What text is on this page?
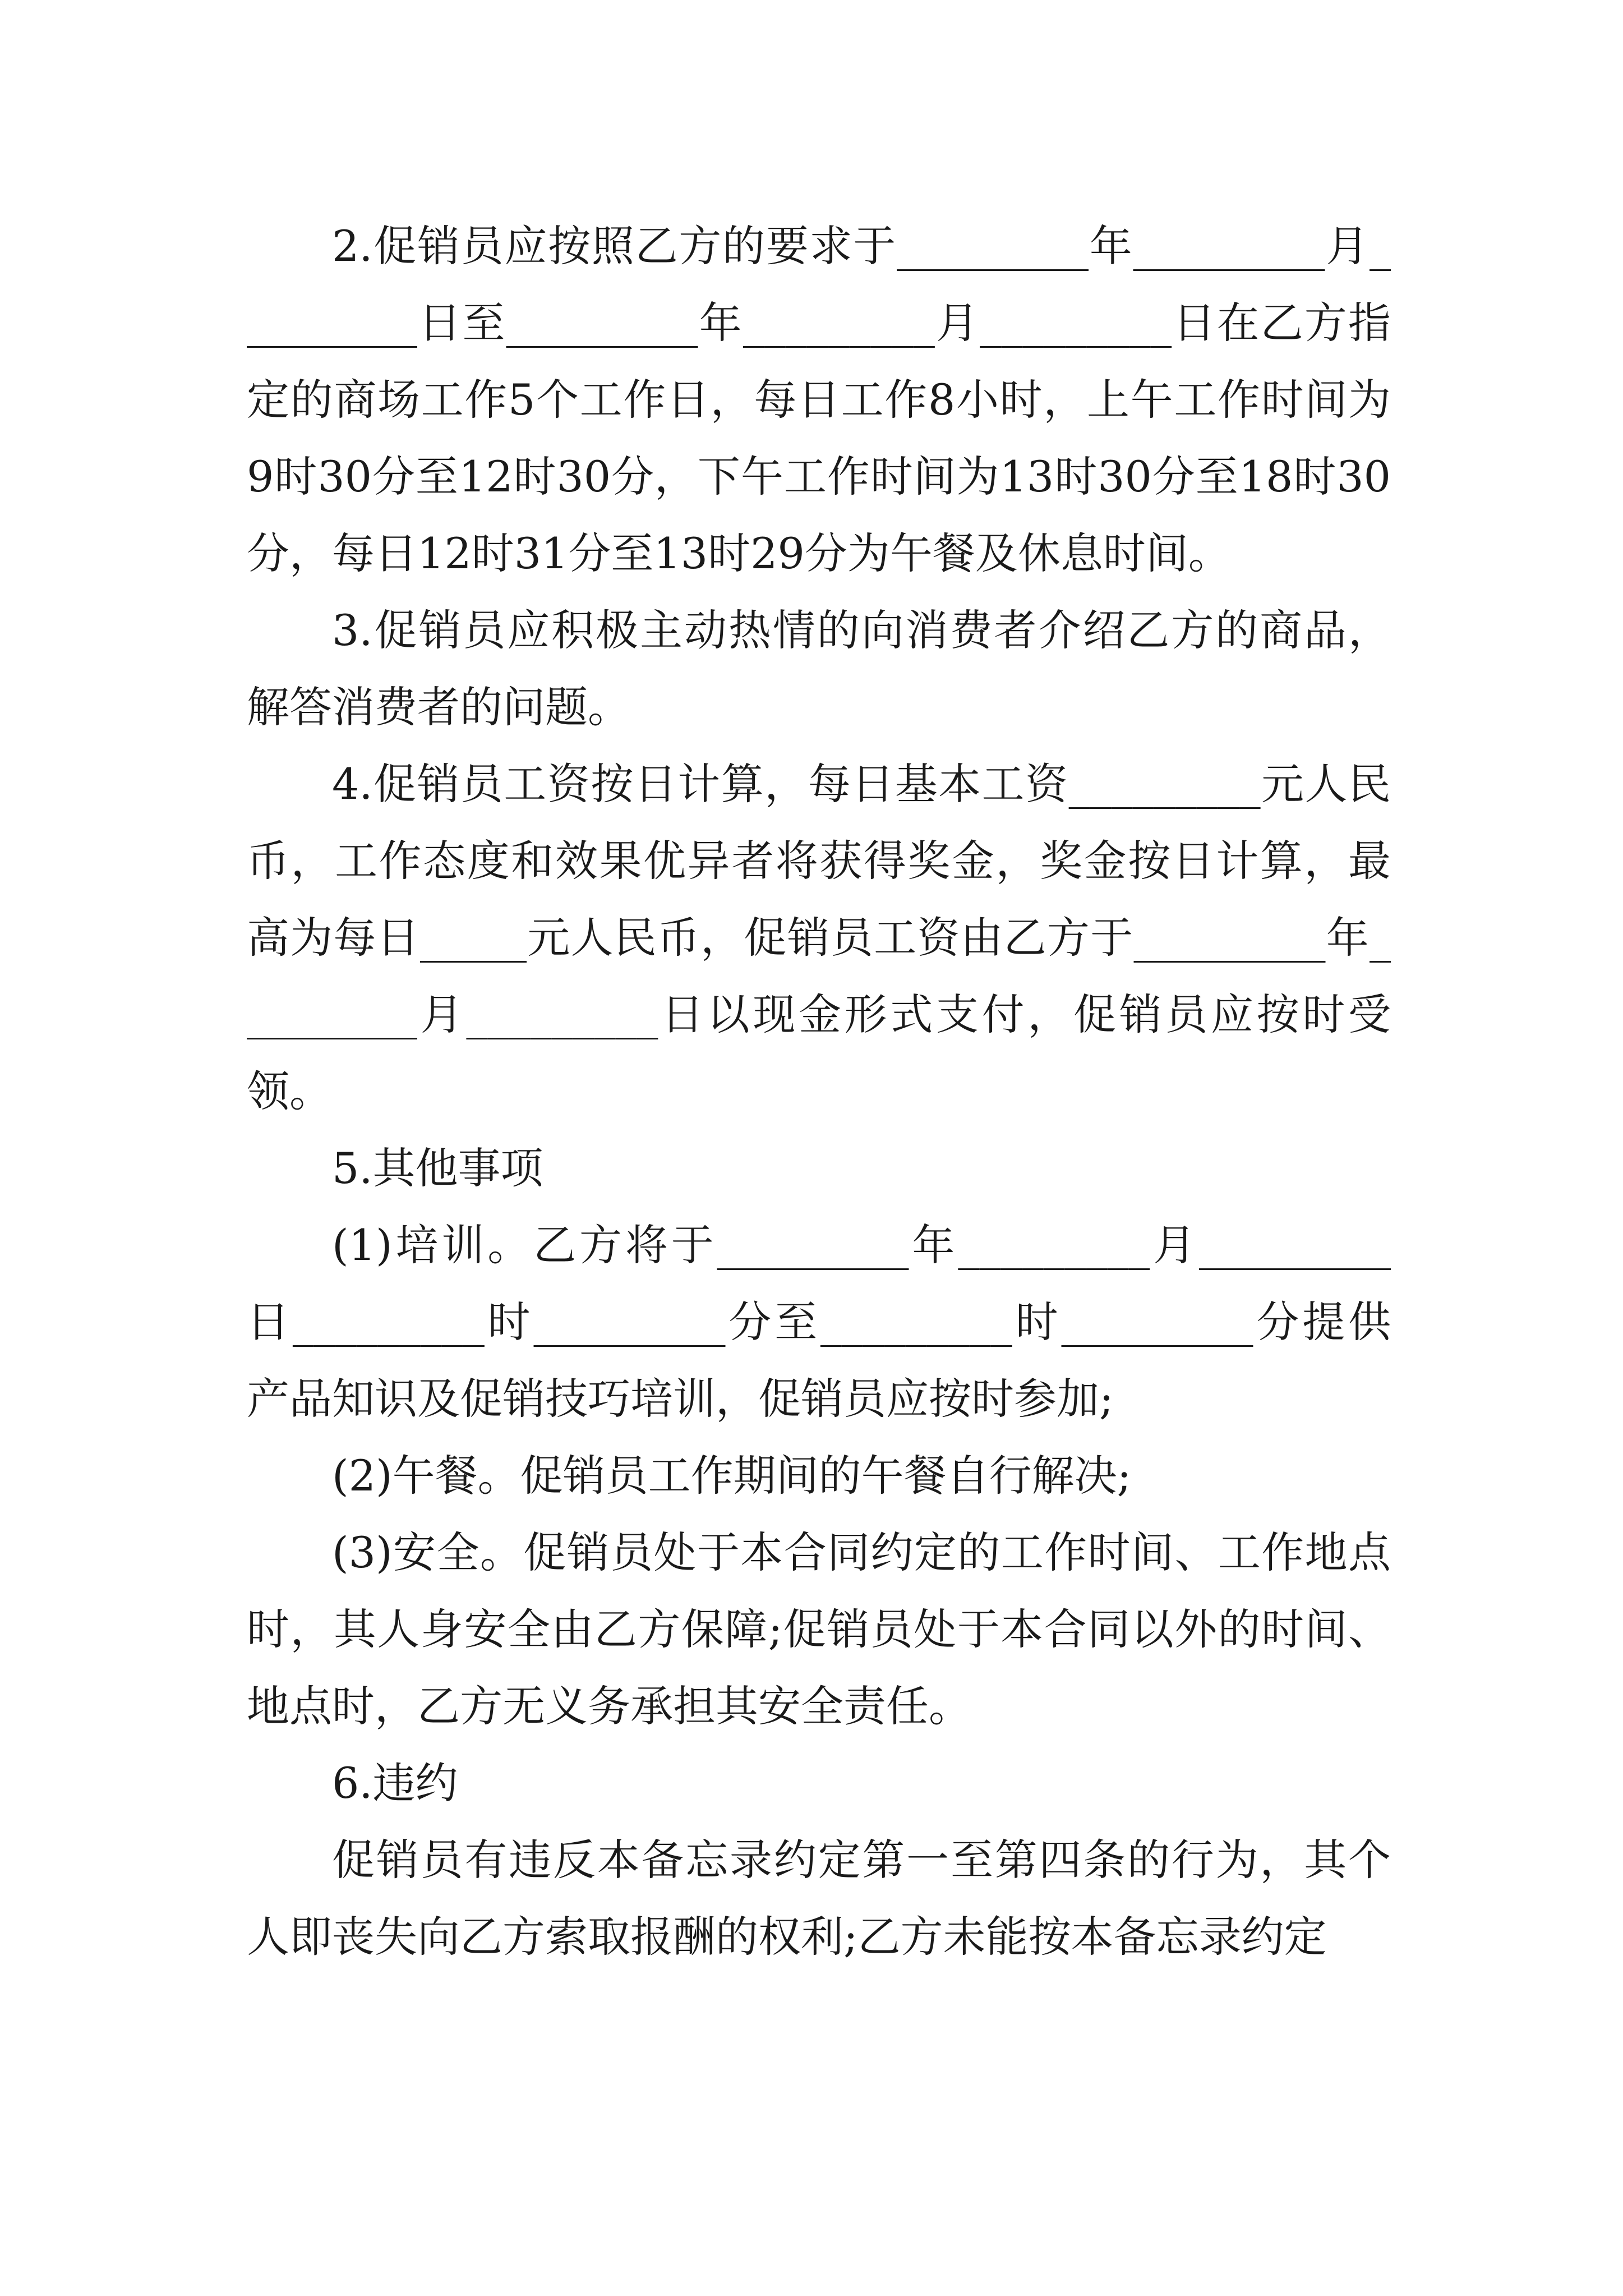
2.促销员应按照乙方的要求于_________年_________月_________日至_________年_________月_________日在乙方指定的商场工作5个工作日，每日工作8小时，上午工作时间为9时30分至12时30分，下午工作时间为13时30分至18时30分，每日12时31分至13时29分为午餐及休息时间。

3.促销员应积极主动热情的向消费者介绍乙方的商品，解答消费者的问题。

4.促销员工资按日计算，每日基本工资_________元人民币，工作态度和效果优异者将获得奖金，奖金按日计算，最高为每日_____元人民币，促销员工资由乙方于_________年_________月_________日以现金形式支付，促销员应按时受领。

5.其他事项

(1)培训。乙方将于_________年_________月_________日_________时_________分至_________时_________分提供产品知识及促销技巧培训，促销员应按时参加;

(2)午餐。促销员工作期间的午餐自行解决;

(3)安全。促销员处于本合同约定的工作时间、工作地点时，其人身安全由乙方保障;促销员处于本合同以外的时间、地点时，乙方无义务承担其安全责任。

6.违约

促销员有违反本备忘录约定第一至第四条的行为，其个人即丧失向乙方索取报酬的权利;乙方未能按本备忘录约定
